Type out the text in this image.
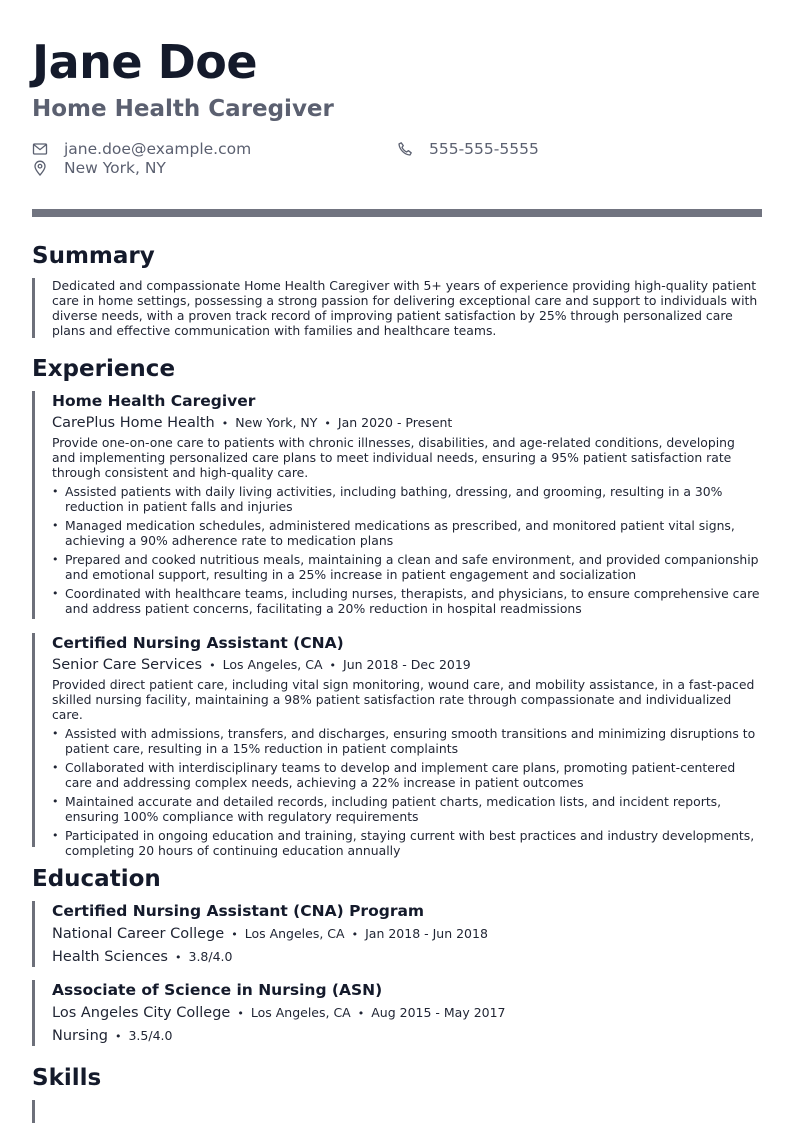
Jane Doe
Home Health Caregiver
jane.doe@example.com	555-555-5555
New York, NY
Summary

Dedicated and compassionate Home Health Caregiver with 5+ years of experience providing high-quality patient care in home settings, possessing a strong passion for delivering exceptional care and support to individuals with diverse needs, with a proven track record of improving patient satisfaction by 25% through personalized care plans and effective communication with families and healthcare teams.

Experience
Home Health Caregiver
CarePlus Home Health • New York, NY • Jan 2020 - Present
Provide one-on-one care to patients with chronic illnesses, disabilities, and age-related conditions, developing and implementing personalized care plans to meet individual needs, ensuring a 95% patient satisfaction rate through consistent and high-quality care.
• Assisted patients with daily living activities, including bathing, dressing, and grooming, resulting in a 30% reduction in patient falls and injuries
• Managed medication schedules, administered medications as prescribed, and monitored patient vital signs, achieving a 90% adherence rate to medication plans
• Prepared and cooked nutritious meals, maintaining a clean and safe environment, and provided companionship and emotional support, resulting in a 25% increase in patient engagement and socialization
• Coordinated with healthcare teams, including nurses, therapists, and physicians, to ensure comprehensive care and address patient concerns, facilitating a 20% reduction in hospital readmissions
Certified Nursing Assistant (CNA)
Senior Care Services • Los Angeles, CA • Jun 2018 - Dec 2019
Provided direct patient care, including vital sign monitoring, wound care, and mobility assistance, in a fast-paced skilled nursing facility, maintaining a 98% patient satisfaction rate through compassionate and individualized care.
• Assisted with admissions, transfers, and discharges, ensuring smooth transitions and minimizing disruptions to patient care, resulting in a 15% reduction in patient complaints
• Collaborated with interdisciplinary teams to develop and implement care plans, promoting patient-centered care and addressing complex needs, achieving a 22% increase in patient outcomes
• Maintained accurate and detailed records, including patient charts, medication lists, and incident reports, ensuring 100% compliance with regulatory requirements
• Participated in ongoing education and training, staying current with best practices and industry developments, completing 20 hours of continuing education annually
Education
Certified Nursing Assistant (CNA) Program
National Career College • Los Angeles, CA • Jan 2018 - Jun 2018
Health Sciences • 3.8/4.0
Associate of Science in Nursing (ASN)
Los Angeles City College • Los Angeles, CA • Aug 2015 - May 2017
Nursing • 3.5/4.0
Skills
